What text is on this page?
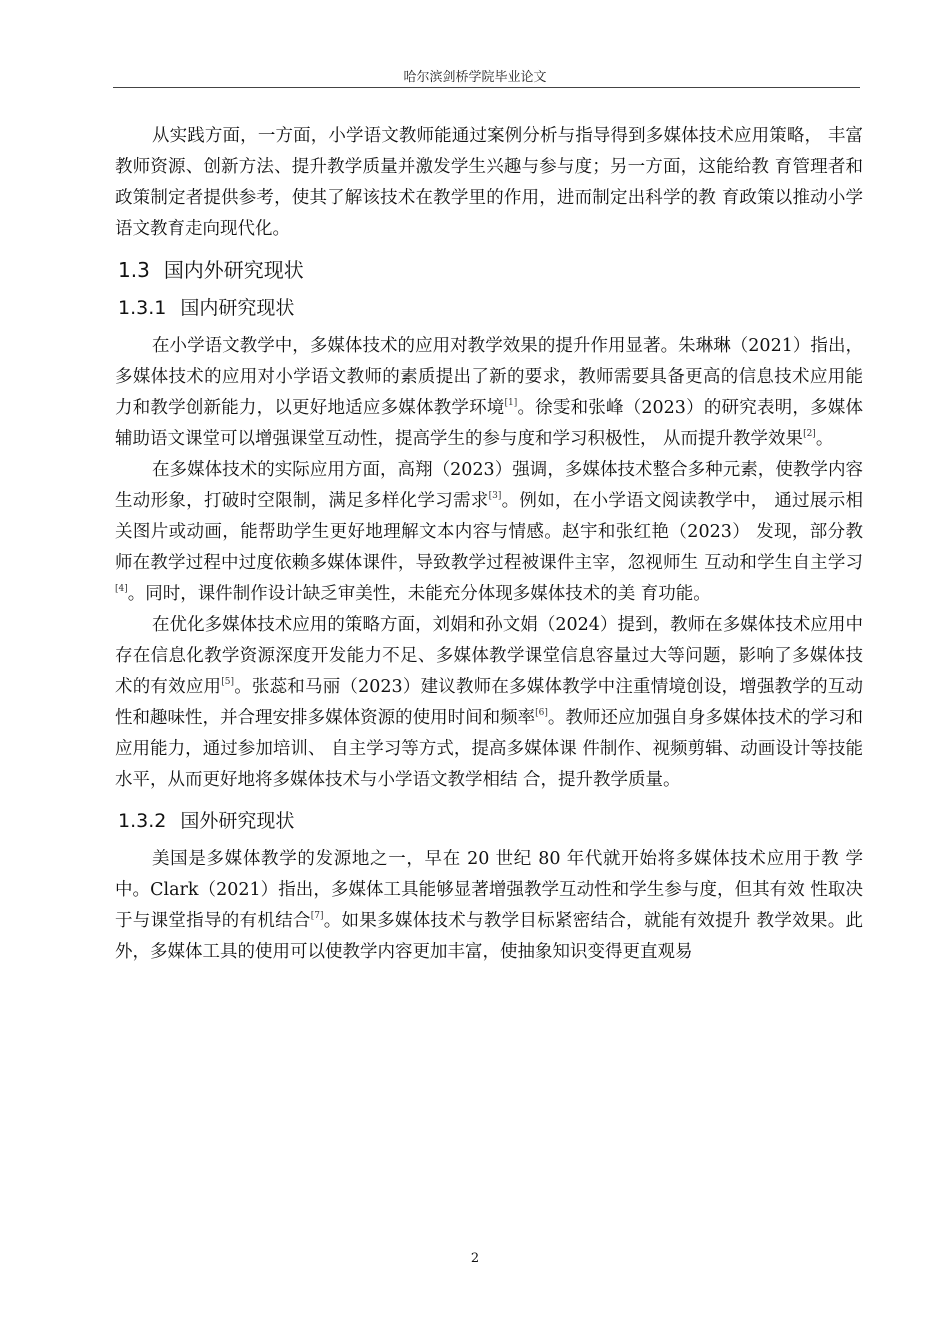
哈尔滨剑桥学院毕业论文

从实践方面，一方面，小学语文教师能通过案例分析与指导得到多媒体技术应用策略， 丰富教师资源、创新方法、提升教学质量并激发学生兴趣与参与度；另一方面，这能给教 育管理者和政策制定者提供参考，使其了解该技术在教学里的作用，进而制定出科学的教 育政策以推动小学语文教育走向现代化。

1.3 国内外研究现状
1.3.1 国内研究现状

在小学语文教学中，多媒体技术的应用对教学效果的提升作用显著。朱琳琳（2021）指出，多媒体技术的应用对小学语文教师的素质提出了新的要求，教师需要具备更高的信息技术应用能力和教学创新能力，以更好地适应多媒体教学环境[1]。徐雯和张峰（2023）的研究表明，多媒体辅助语文课堂可以增强课堂互动性，提高学生的参与度和学习积极性， 从而提升教学效果[2]。

在多媒体技术的实际应用方面，高翔（2023）强调，多媒体技术整合多种元素，使教学内容生动形象，打破时空限制，满足多样化学习需求[3]。例如，在小学语文阅读教学中， 通过展示相关图片或动画，能帮助学生更好地理解文本内容与情感。赵宇和张红艳（2023） 发现，部分教师在教学过程中过度依赖多媒体课件，导致教学过程被课件主宰，忽视师生 互动和学生自主学习[4]。同时，课件制作设计缺乏审美性，未能充分体现多媒体技术的美 育功能。

在优化多媒体技术应用的策略方面，刘娟和孙文娟（2024）提到，教师在多媒体技术应用中存在信息化教学资源深度开发能力不足、多媒体教学课堂信息容量过大等问题，影响了多媒体技术的有效应用[5]。张蕊和马丽（2023）建议教师在多媒体教学中注重情境创设，增强教学的互动性和趣味性，并合理安排多媒体资源的使用时间和频率[6]。教师还应加强自身多媒体技术的学习和应用能力，通过参加培训、 自主学习等方式，提高多媒体课 件制作、视频剪辑、动画设计等技能水平，从而更好地将多媒体技术与小学语文教学相结 合，提升教学质量。

1.3.2 国外研究现状

美国是多媒体教学的发源地之一，早在 20 世纪 80 年代就开始将多媒体技术应用于教 学中。Clark（2021）指出，多媒体工具能够显著增强教学互动性和学生参与度，但其有效 性取决于与课堂指导的有机结合[7]。如果多媒体技术与教学目标紧密结合，就能有效提升 教学效果。此外，多媒体工具的使用可以使教学内容更加丰富，使抽象知识变得更直观易

2
